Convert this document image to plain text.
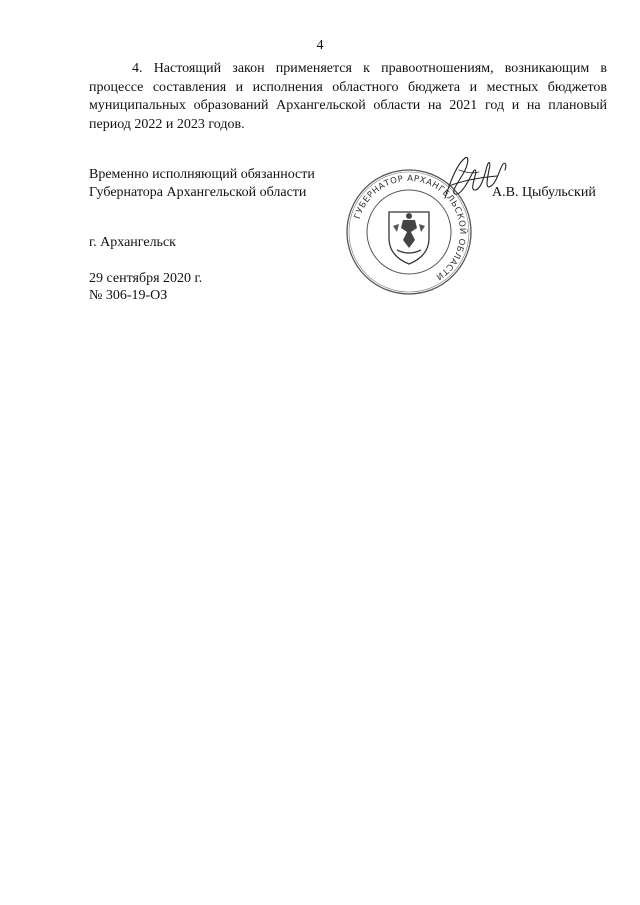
4

4. Настоящий закон применяется к правоотношениям, возникающим в процессе составления и исполнения областного бюджета и местных бюджетов муниципальных образований Архангельской области на 2021 год и на плановый период 2022 и 2023 годов.

Временно исполняющий обязанности
Губернатора Архангельской области
ГУБЕРНАТОР АРХАНГЕЛЬСКОЙ ОБЛАСТИ
А.В. Цыбульский
г. Архангельск
29 сентября 2020 г.
№ 306-19-ОЗ
